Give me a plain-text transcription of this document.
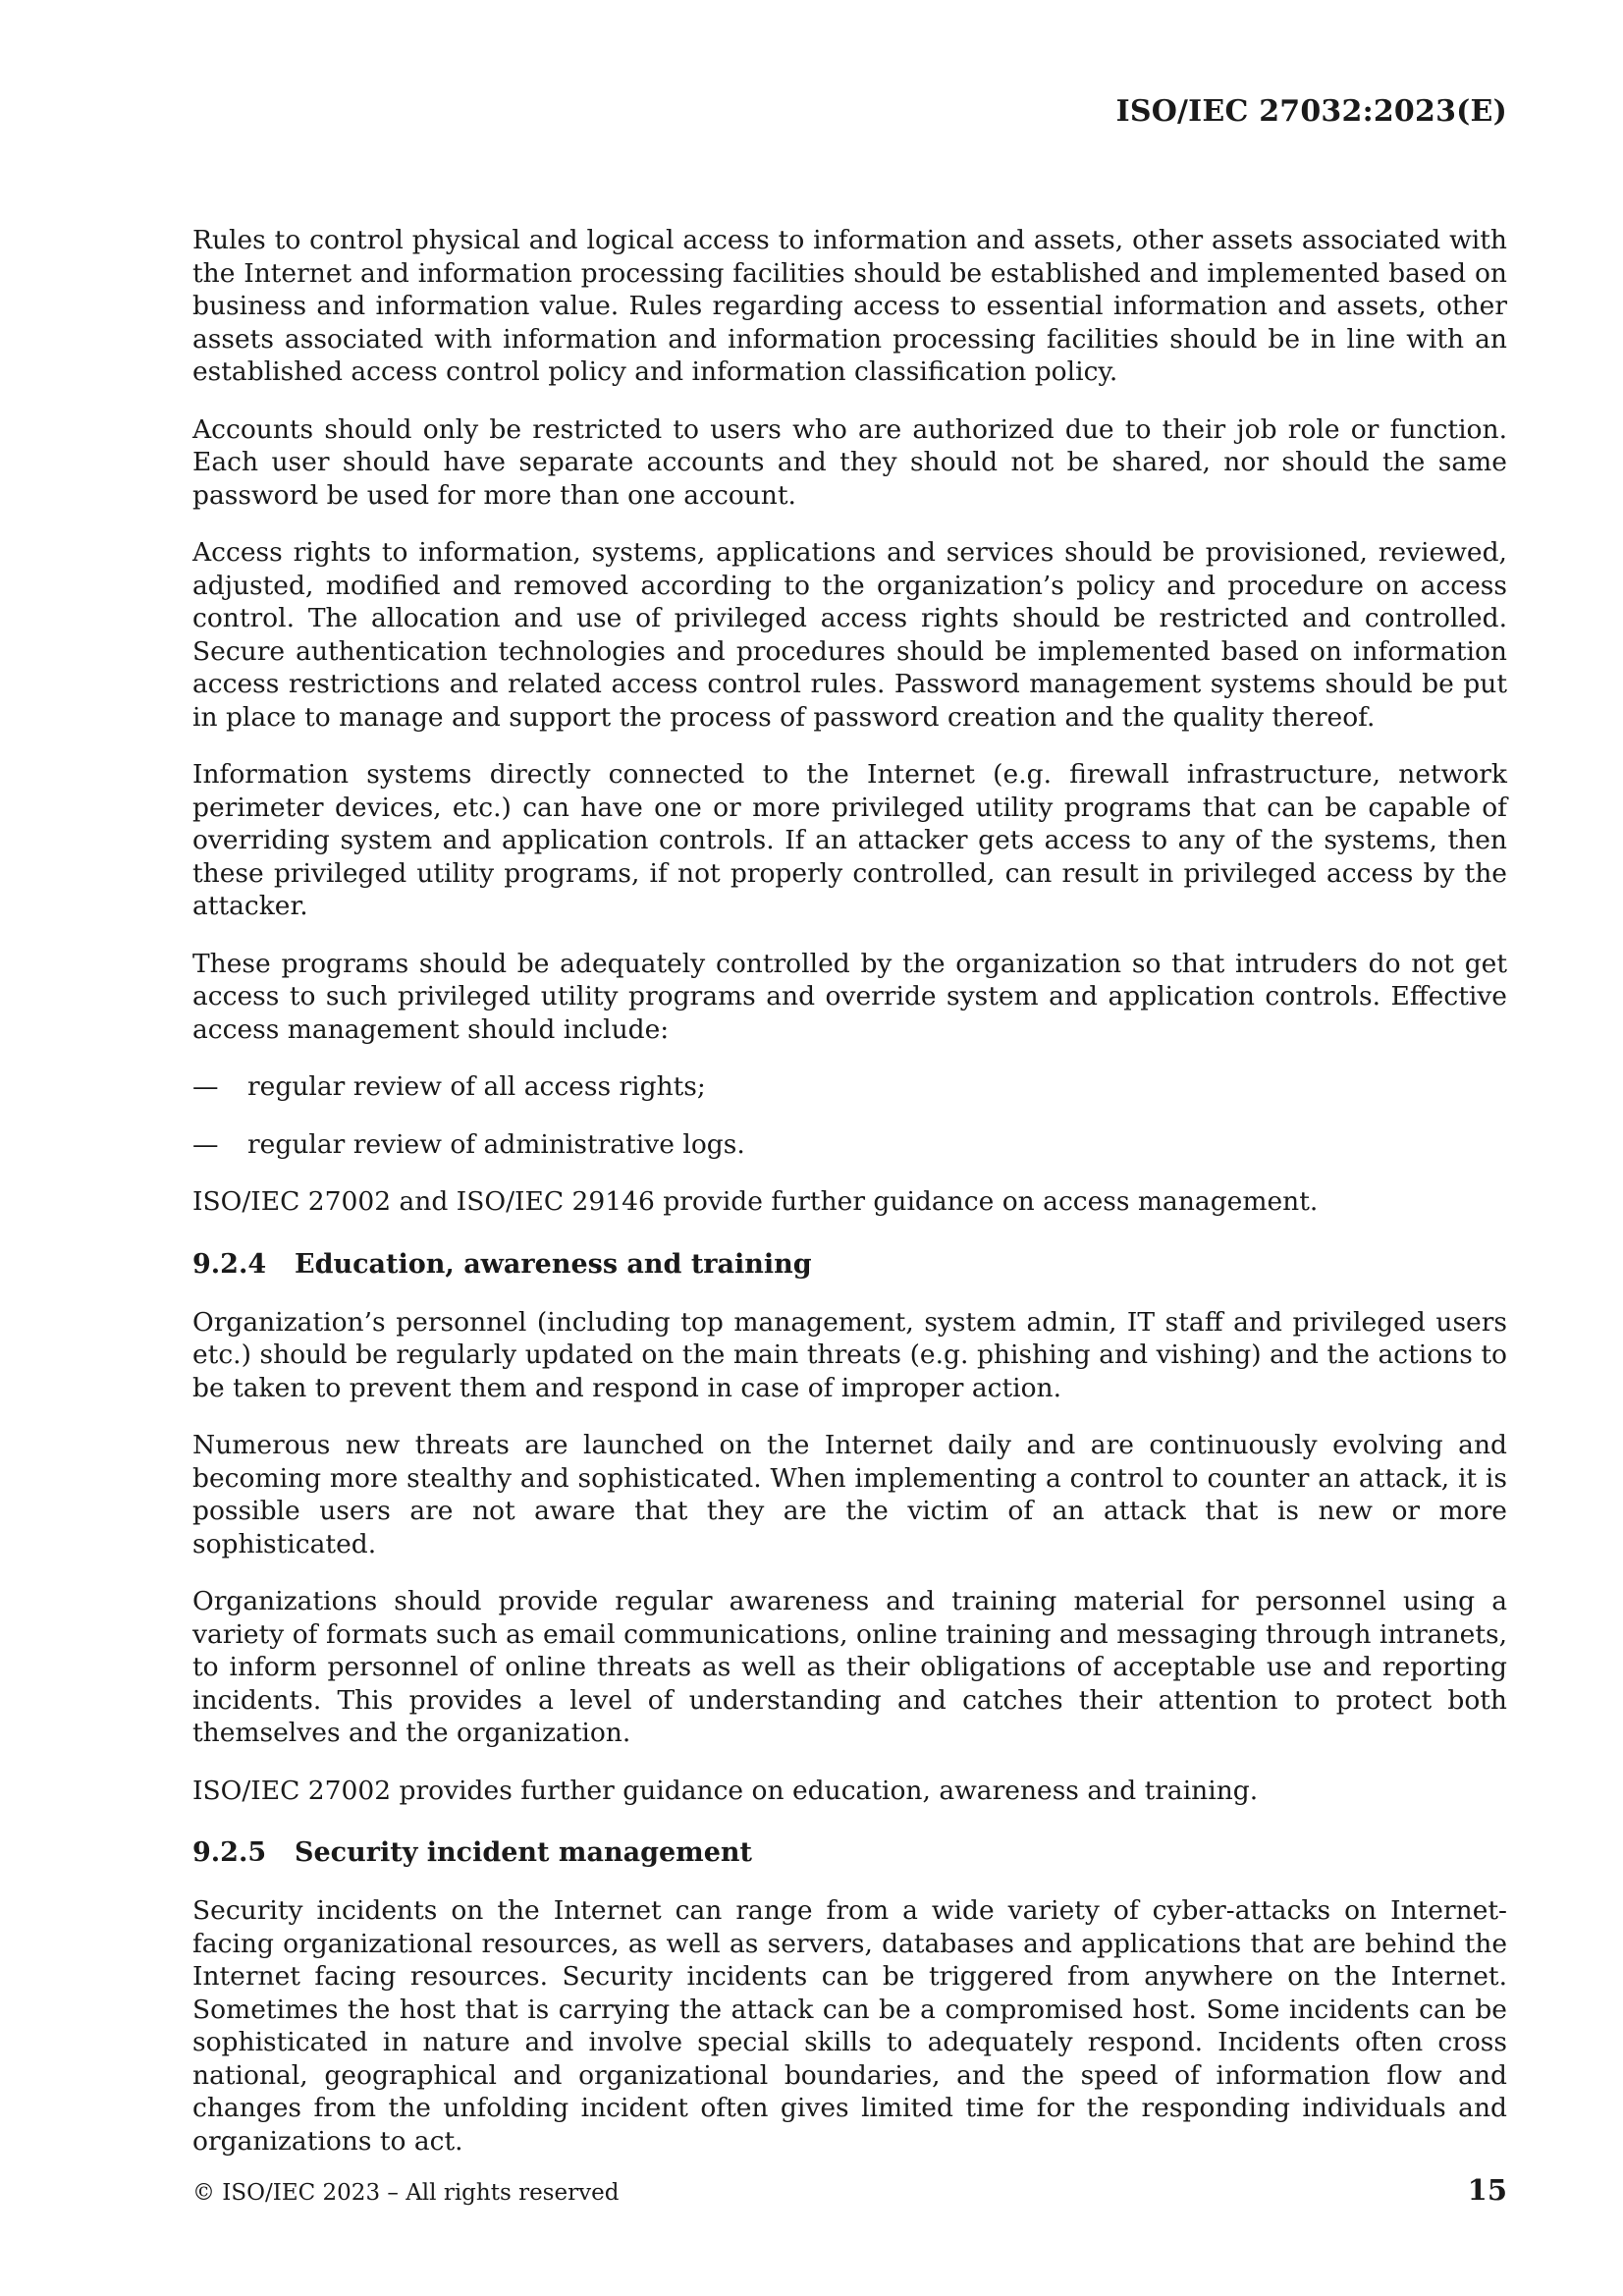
ISO/IEC 27032:2023(E)

Rules to control physical and logical access to information and assets, other assets associated with the Internet and information processing facilities should be established and implemented based on business and information value. Rules regarding access to essential information and assets, other assets associated with information and information processing facilities should be in line with an established access control policy and information classification policy.

Accounts should only be restricted to users who are authorized due to their job role or function. Each user should have separate accounts and they should not be shared, nor should the same password be used for more than one account.

Access rights to information, systems, applications and services should be provisioned, reviewed, adjusted, modified and removed according to the organization’s policy and procedure on access control. The allocation and use of privileged access rights should be restricted and controlled. Secure authentication technologies and procedures should be implemented based on information access restrictions and related access control rules. Password management systems should be put in place to manage and support the process of password creation and the quality thereof.

Information systems directly connected to the Internet (e.g. firewall infrastructure, network perimeter devices, etc.) can have one or more privileged utility programs that can be capable of overriding system and application controls. If an attacker gets access to any of the systems, then these privileged utility programs, if not properly controlled, can result in privileged access by the attacker.

These programs should be adequately controlled by the organization so that intruders do not get access to such privileged utility programs and override system and application controls. Effective access management should include:

—	regular review of all access rights;
—	regular review of administrative logs.

ISO/IEC 27002 and ISO/IEC 29146 provide further guidance on access management.

9.2.4	Education, awareness and training

Organization’s personnel (including top management, system admin, IT staff and privileged users etc.) should be regularly updated on the main threats (e.g. phishing and vishing) and the actions to be taken to prevent them and respond in case of improper action.

Numerous new threats are launched on the Internet daily and are continuously evolving and becoming more stealthy and sophisticated. When implementing a control to counter an attack, it is possible users are not aware that they are the victim of an attack that is new or more sophisticated.

Organizations should provide regular awareness and training material for personnel using a variety of formats such as email communications, online training and messaging through intranets, to inform personnel of online threats as well as their obligations of acceptable use and reporting incidents. This provides a level of understanding and catches their attention to protect both themselves and the organization.

ISO/IEC 27002 provides further guidance on education, awareness and training.

9.2.5	Security incident management

Security incidents on the Internet can range from a wide variety of cyber-attacks on Internet-facing organizational resources, as well as servers, databases and applications that are behind the Internet facing resources. Security incidents can be triggered from anywhere on the Internet. Sometimes the host that is carrying the attack can be a compromised host. Some incidents can be sophisticated in nature and involve special skills to adequately respond. Incidents often cross national, geographical and organizational boundaries, and the speed of information flow and changes from the unfolding incident often gives limited time for the responding individuals and organizations to act.

© ISO/IEC 2023 – All rights reserved	15
